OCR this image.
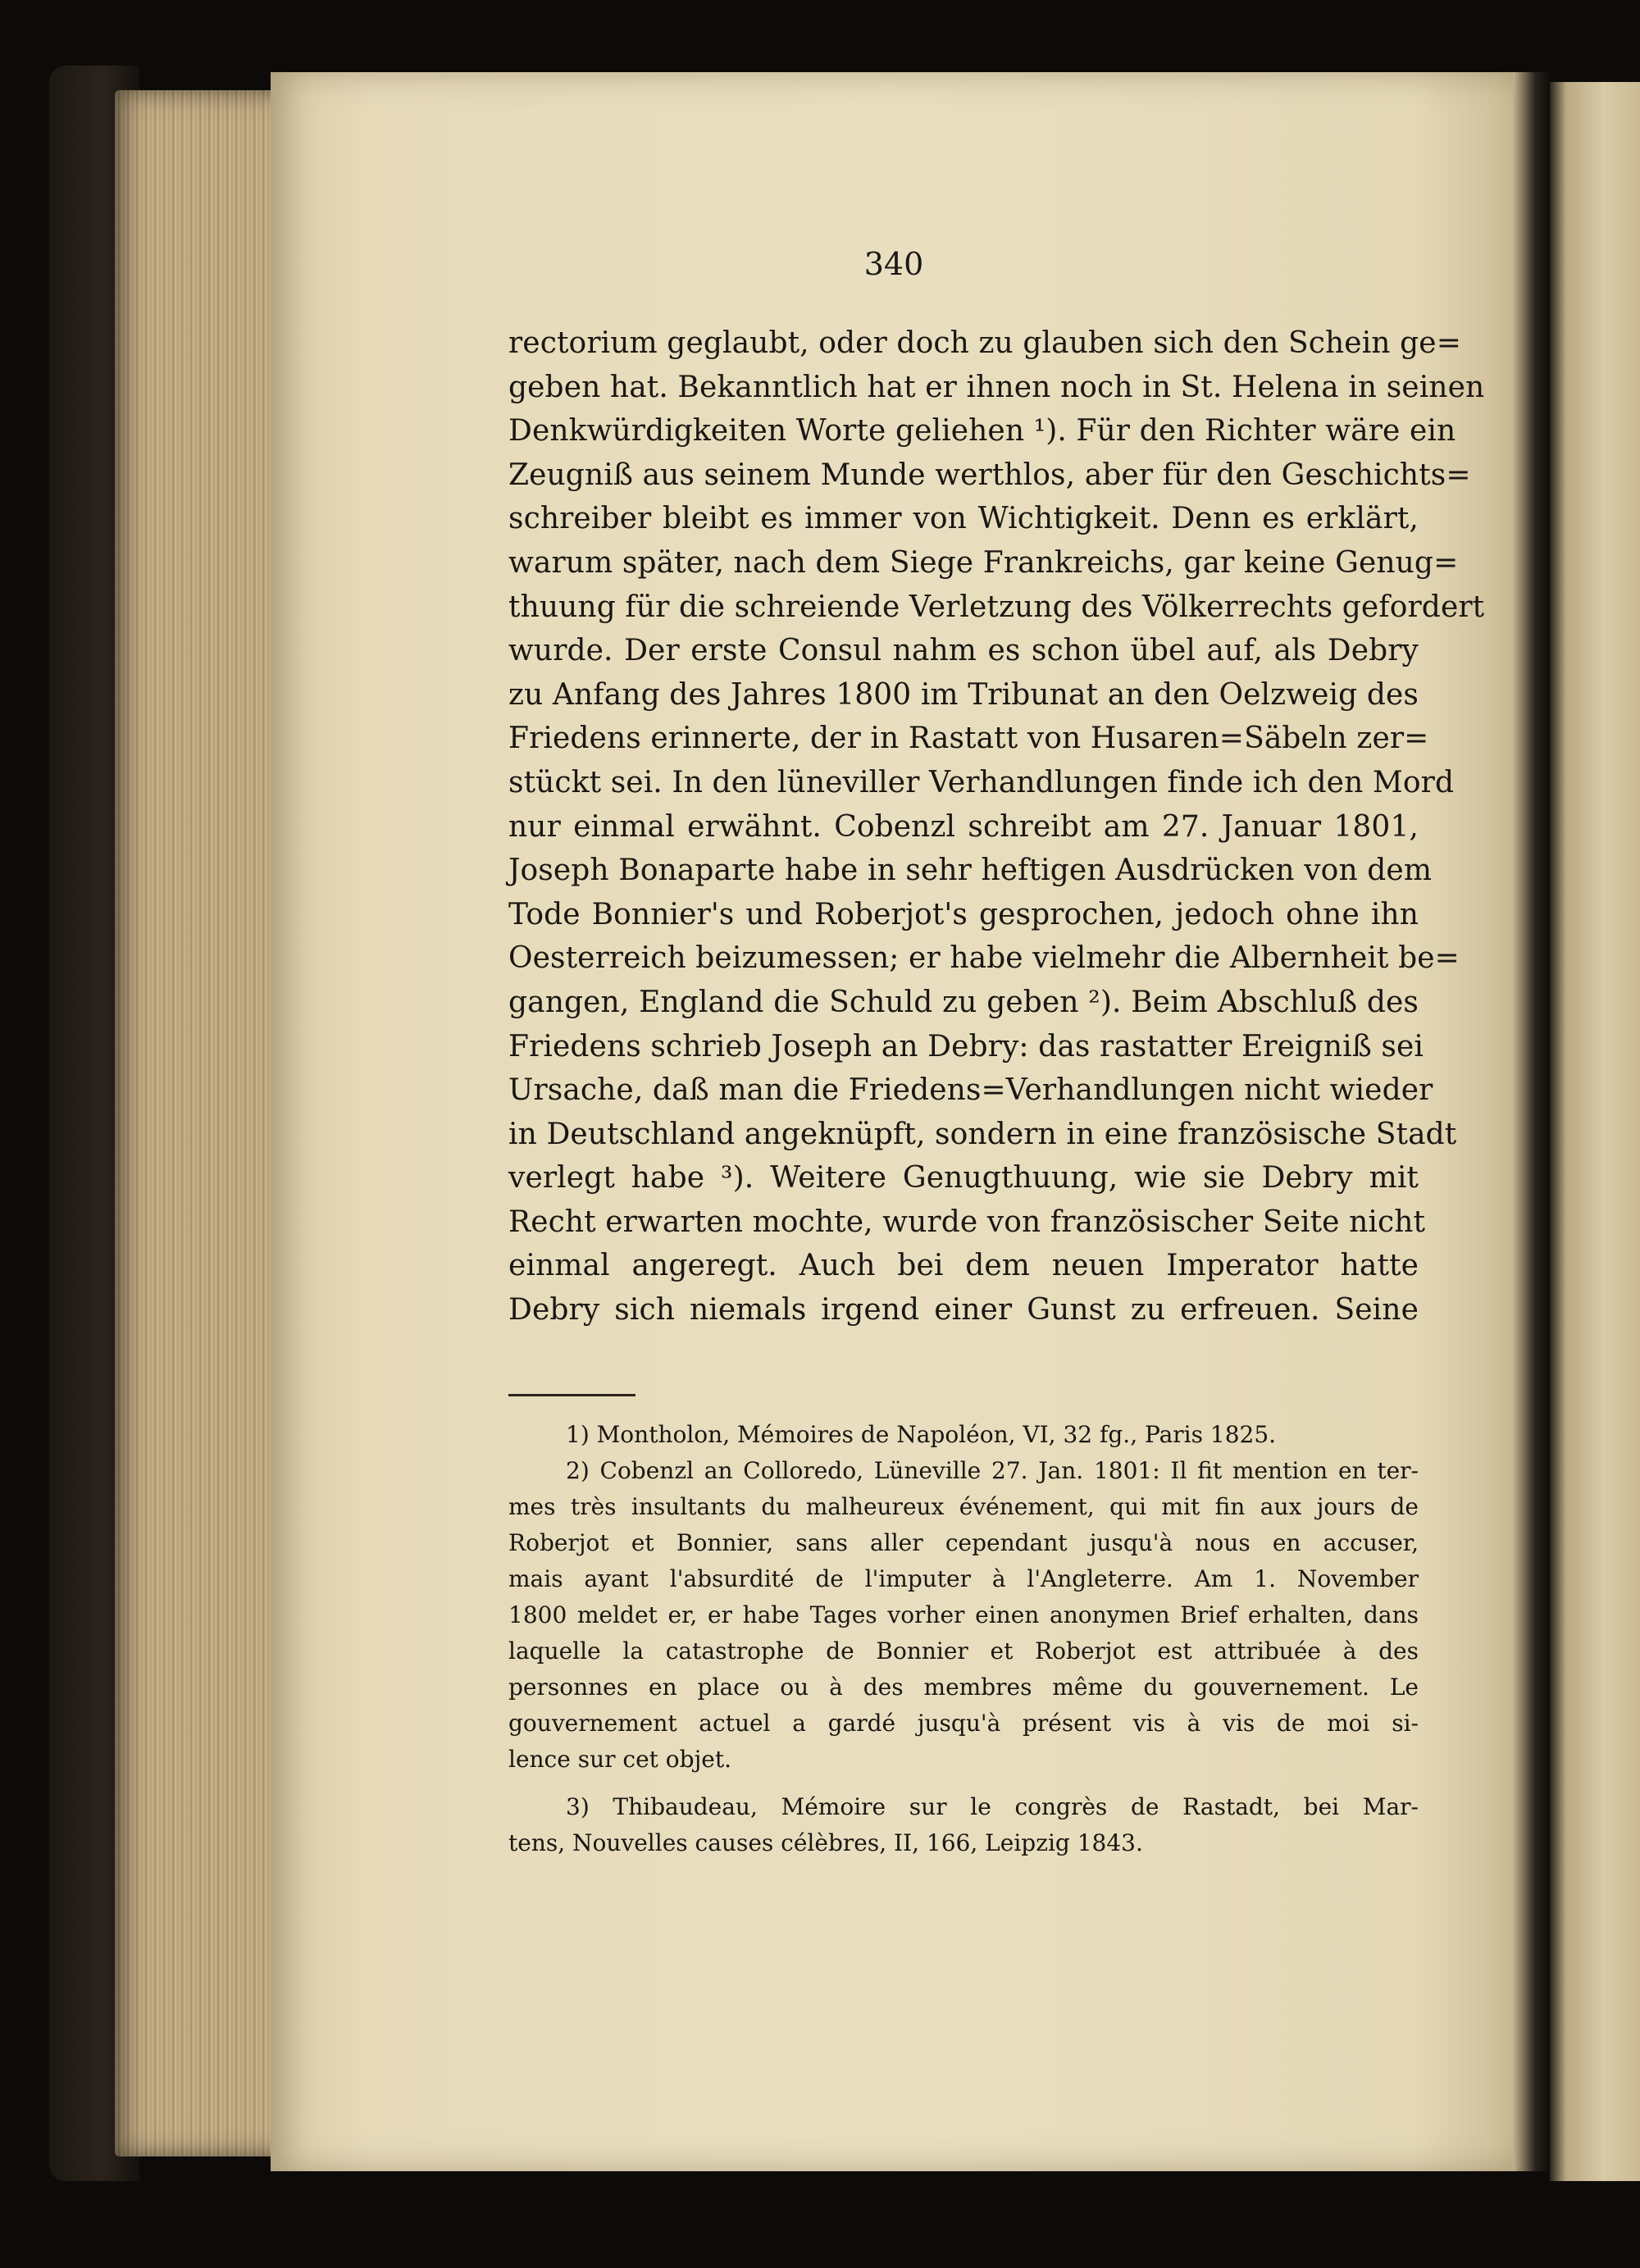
340
rectorium geglaubt, oder doch zu glauben sich den Schein ge=
geben hat. Bekanntlich hat er ihnen noch in St. Helena in seinen
Denkwürdigkeiten Worte geliehen ¹). Für den Richter wäre ein
Zeugniß aus seinem Munde werthlos, aber für den Geschichts=
schreiber bleibt es immer von Wichtigkeit. Denn es erklärt,
warum später, nach dem Siege Frankreichs, gar keine Genug=
thuung für die schreiende Verletzung des Völkerrechts gefordert
wurde. Der erste Consul nahm es schon übel auf, als Debry
zu Anfang des Jahres 1800 im Tribunat an den Oelzweig des
Friedens erinnerte, der in Rastatt von Husaren=Säbeln zer=
stückt sei. In den lüneviller Verhandlungen finde ich den Mord
nur einmal erwähnt. Cobenzl schreibt am 27. Januar 1801,
Joseph Bonaparte habe in sehr heftigen Ausdrücken von dem
Tode Bonnier's und Roberjot's gesprochen, jedoch ohne ihn
Oesterreich beizumessen; er habe vielmehr die Albernheit be=
gangen, England die Schuld zu geben ²). Beim Abschluß des
Friedens schrieb Joseph an Debry: das rastatter Ereigniß sei
Ursache, daß man die Friedens=Verhandlungen nicht wieder
in Deutschland angeknüpft, sondern in eine französische Stadt
verlegt habe ³). Weitere Genugthuung, wie sie Debry mit
Recht erwarten mochte, wurde von französischer Seite nicht
einmal angeregt. Auch bei dem neuen Imperator hatte
Debry sich niemals irgend einer Gunst zu erfreuen. Seine
1) Montholon, Mémoires de Napoléon, VI, 32 fg., Paris 1825.
2) Cobenzl an Colloredo, Lüneville 27. Jan. 1801: Il fit mention en ter-
mes très insultants du malheureux événement, qui mit fin aux jours de
Roberjot et Bonnier, sans aller cependant jusqu'à nous en accuser,
mais ayant l'absurdité de l'imputer à l'Angleterre. Am 1. November
1800 meldet er, er habe Tages vorher einen anonymen Brief erhalten, dans
laquelle la catastrophe de Bonnier et Roberjot est attribuée à des
personnes en place ou à des membres même du gouvernement. Le
gouvernement actuel a gardé jusqu'à présent vis à vis de moi si-
lence sur cet objet.
3) Thibaudeau, Mémoire sur le congrès de Rastadt, bei Mar-
tens, Nouvelles causes célèbres, II, 166, Leipzig 1843.
